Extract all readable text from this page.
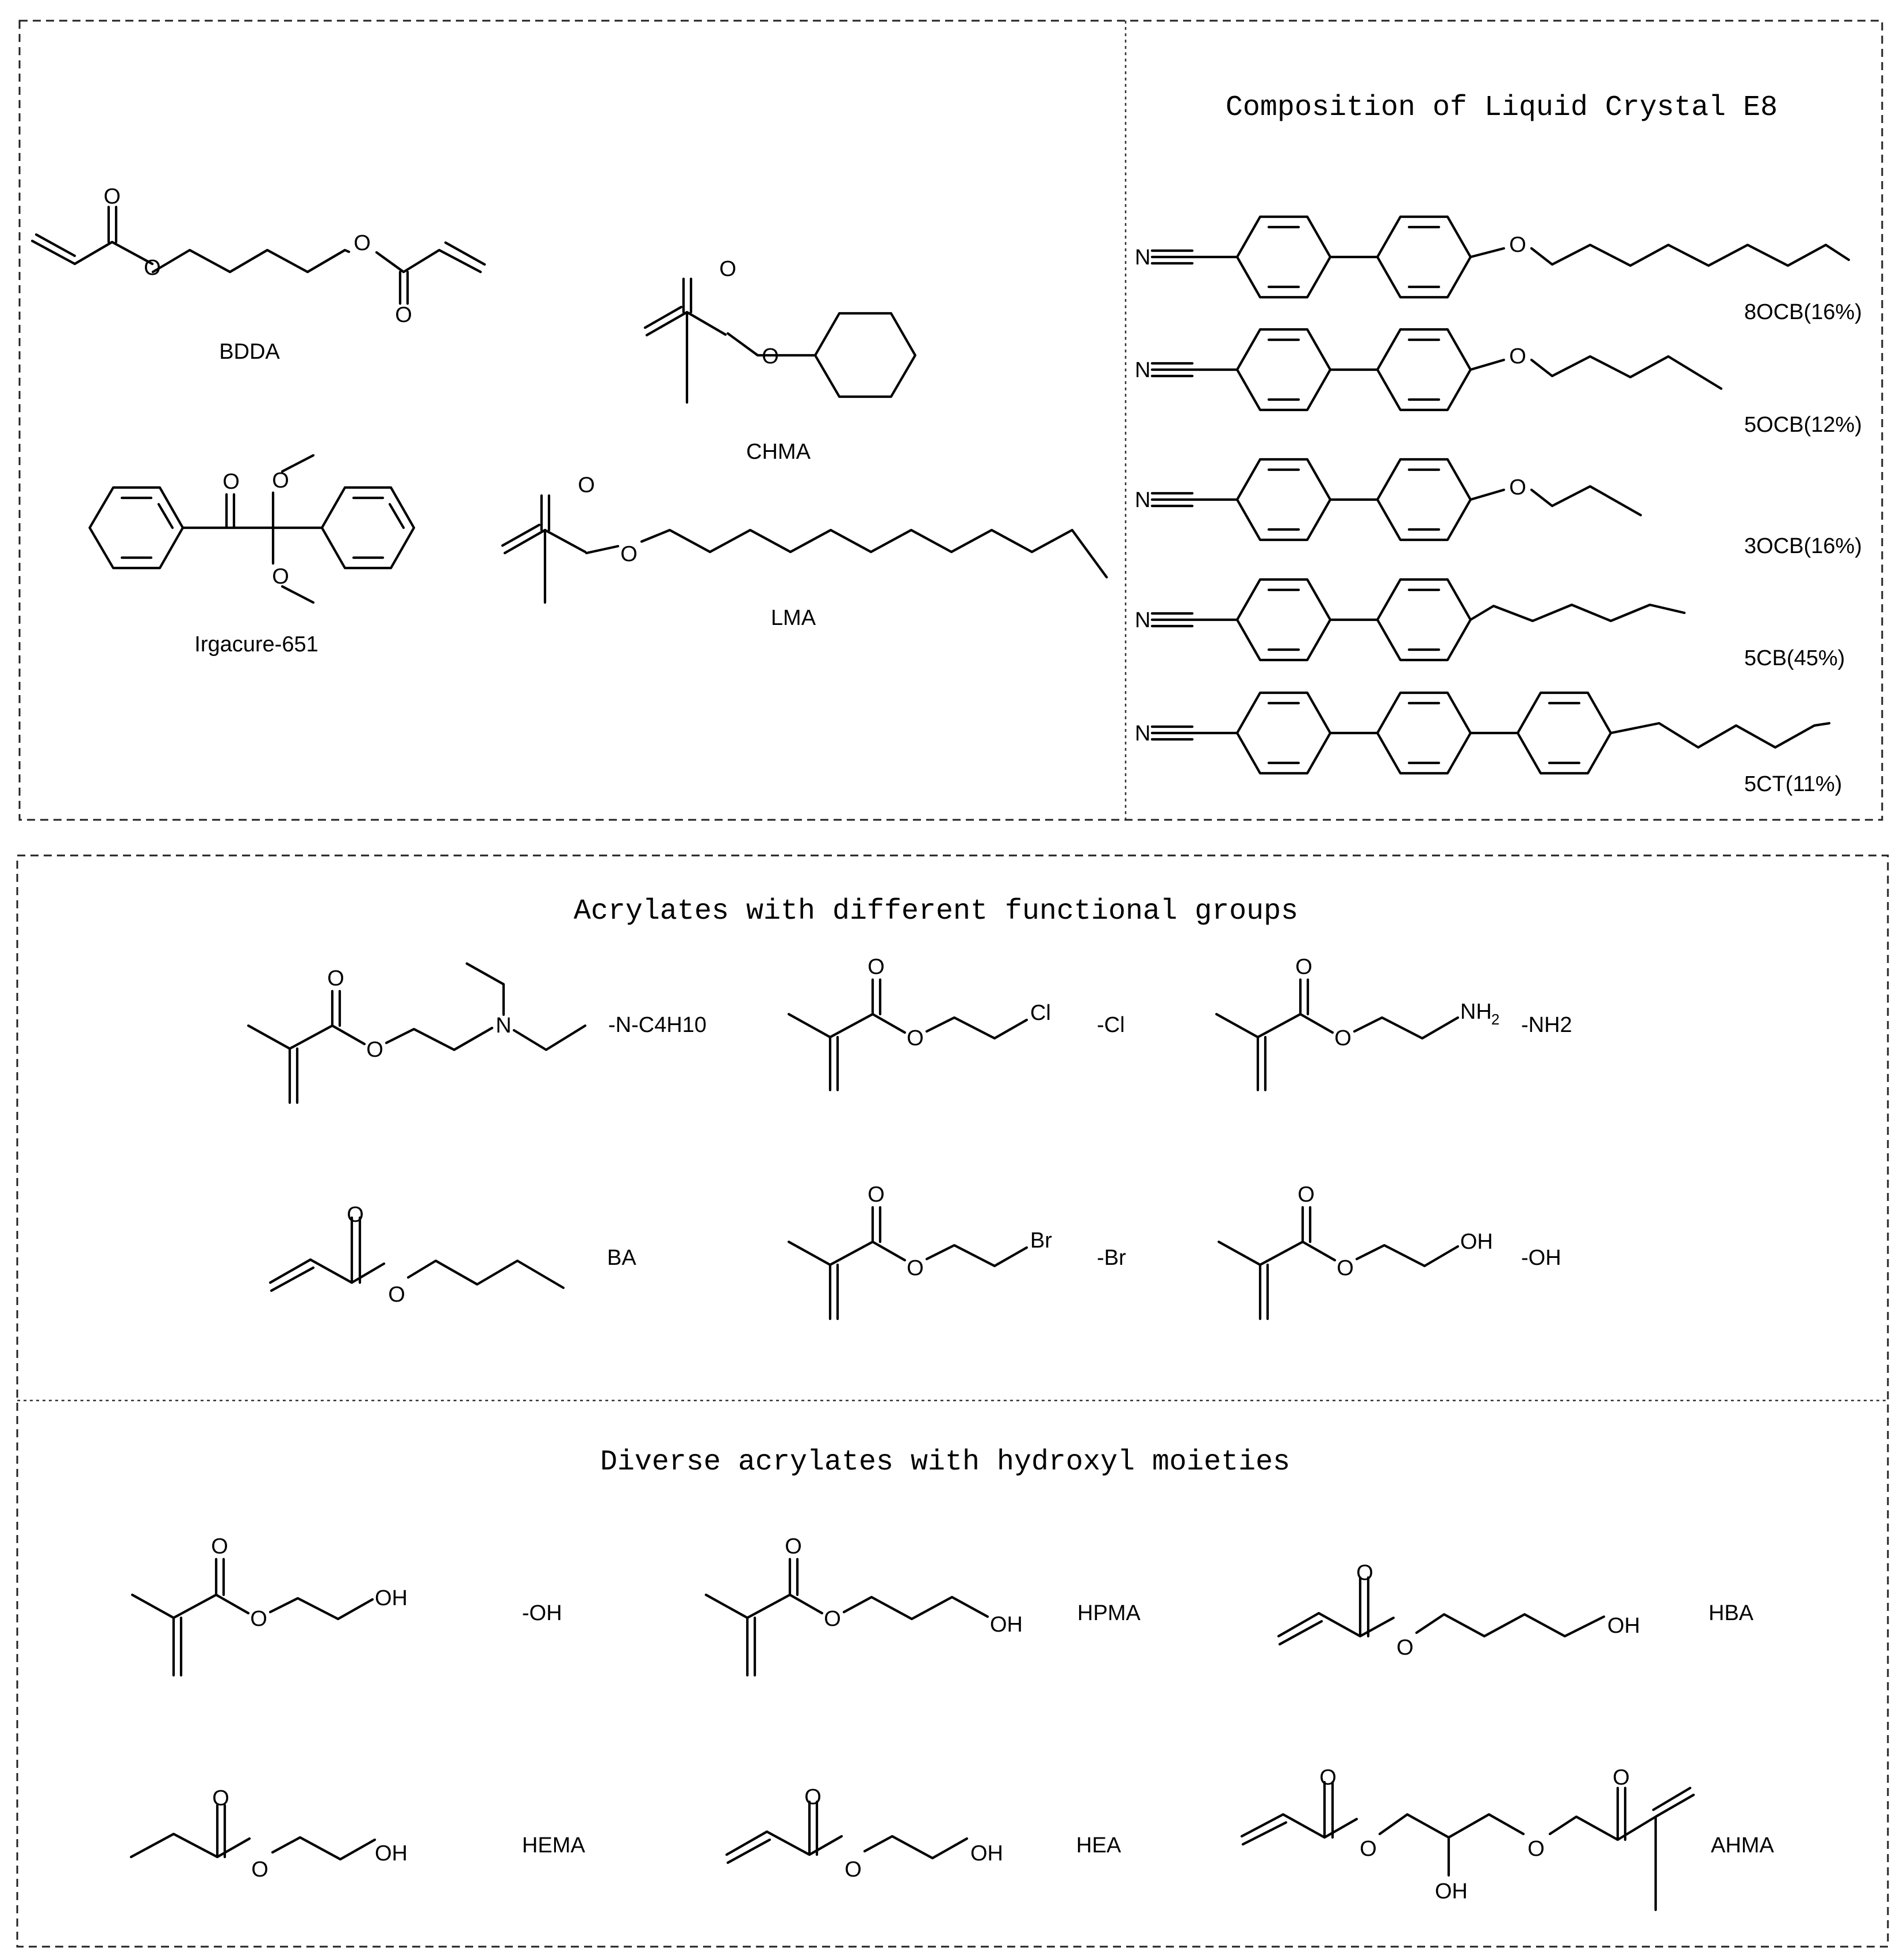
Composition of Liquid Crystal E8
Acrylates with different functional groups
Diverse acrylates with hydroxyl moieties
O
O
O
O
BDDA
O
O
CHMA
O O
O
Irgacure-651
O
O
LMA
N
O
8OCB(16%)
N
O
5OCB(12%)
N
O
3OCB(16%)
N
5CB(45%)
N
5CT(11%)
O
O
N	-N-C4H10
O
O
Cl -Cl
O
O
NH 2 -NH2
O
O
BA
O
O
Br
-Br
O
O
OH
-OH
O
O
OH
-OH
O
O	OH	HPMA
O
O
OH
HBA
O
O
OH	HEMA
O
O
OH	HEA
O
O
OH
O
O
AHMA
